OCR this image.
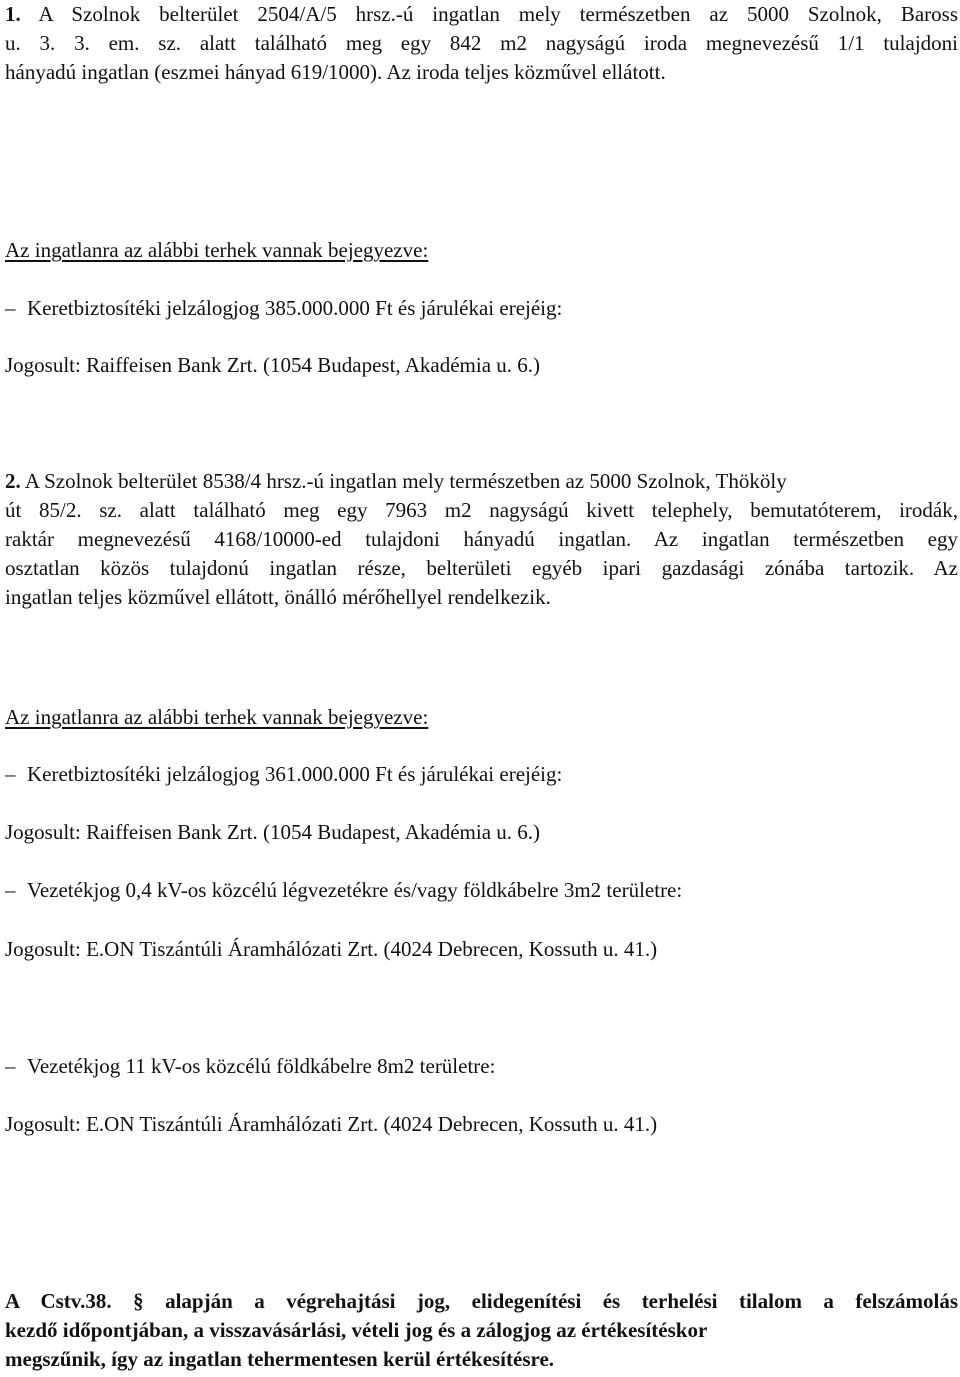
1. A Szolnok belterület 2504/A/5 hrsz.-ú ingatlan mely természetben az 5000 Szolnok, Baross
u. 3. 3. em. sz. alatt található meg egy 842 m2 nagyságú iroda megnevezésű 1/1 tulajdoni
hányadú ingatlan (eszmei hányad 619/1000). Az iroda teljes közművel ellátott.
Az ingatlanra az alábbi terhek vannak bejegyezve:
– Keretbiztosítéki jelzálogjog 385.000.000 Ft és járulékai erejéig:
Jogosult: Raiffeisen Bank Zrt. (1054 Budapest, Akadémia u. 6.)
2. A Szolnok belterület 8538/4 hrsz.-ú ingatlan mely természetben az 5000 Szolnok, Thököly
út 85/2. sz. alatt található meg egy 7963 m2 nagyságú kivett telephely, bemutatóterem, irodák,
raktár megnevezésű 4168/10000-ed tulajdoni hányadú ingatlan. Az ingatlan természetben egy
osztatlan közös tulajdonú ingatlan része, belterületi egyéb ipari gazdasági zónába tartozik. Az
ingatlan teljes közművel ellátott, önálló mérőhellyel rendelkezik.
Az ingatlanra az alábbi terhek vannak bejegyezve:
– Keretbiztosítéki jelzálogjog 361.000.000 Ft és járulékai erejéig:
Jogosult: Raiffeisen Bank Zrt. (1054 Budapest, Akadémia u. 6.)
– Vezetékjog 0,4 kV-os közcélú légvezetékre és/vagy földkábelre 3m2 területre:
Jogosult: E.ON Tiszántúli Áramhálózati Zrt. (4024 Debrecen, Kossuth u. 41.)
– Vezetékjog 11 kV-os közcélú földkábelre 8m2 területre:
Jogosult: E.ON Tiszántúli Áramhálózati Zrt. (4024 Debrecen, Kossuth u. 41.)
A Cstv.38. § alapján a végrehajtási jog, elidegenítési és terhelési tilalom a felszámolás
kezdő időpontjában, a visszavásárlási, vételi jog és a zálogjog az értékesítéskor
megszűnik, így az ingatlan tehermentesen kerül értékesítésre.
